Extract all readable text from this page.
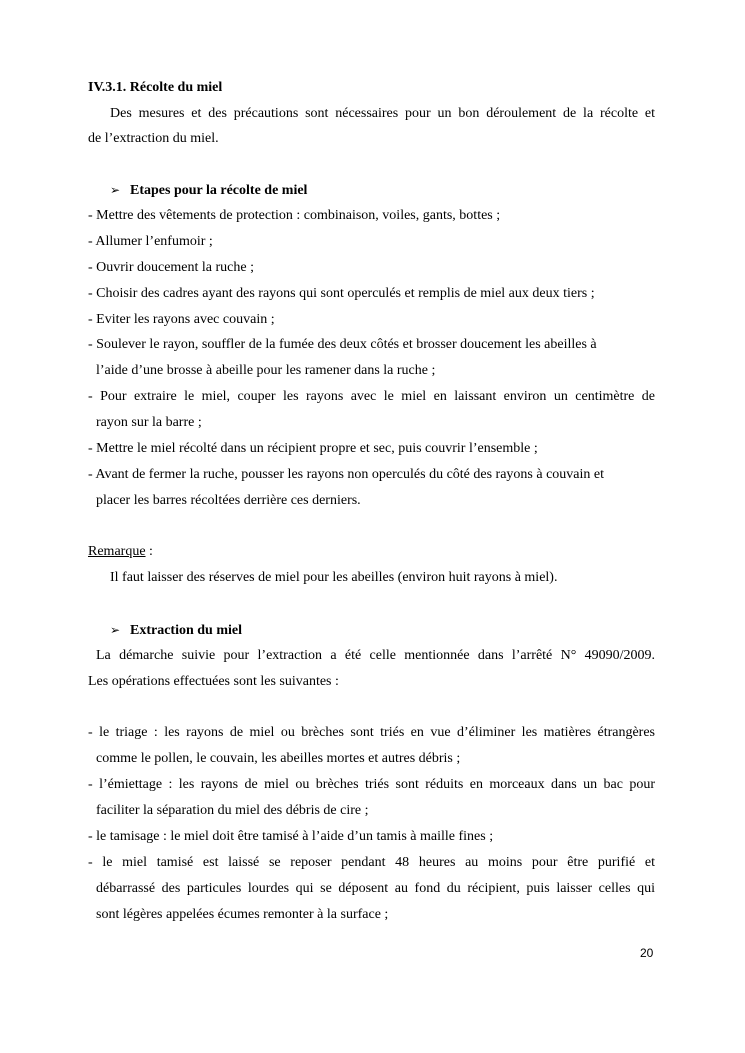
IV.3.1. Récolte du miel
Des mesures et des précautions sont nécessaires pour un bon déroulement de la récolte et
de l’extraction du miel.
➢ Etapes pour la récolte de miel
- Mettre des vêtements de protection : combinaison, voiles, gants, bottes ;
- Allumer l’enfumoir ;
- Ouvrir doucement la ruche ;
- Choisir des cadres ayant des rayons qui sont operculés et remplis de miel aux deux tiers ;
- Eviter les rayons avec couvain ;
- Soulever le rayon, souffler de la fumée des deux côtés et brosser doucement les abeilles à
l’aide d’une brosse à abeille pour les ramener dans la ruche ;
- Pour extraire le miel, couper les rayons avec le miel en laissant environ un centimètre de
rayon sur la barre ;
- Mettre le miel récolté dans un récipient propre et sec, puis couvrir l’ensemble ;
- Avant de fermer la ruche, pousser les rayons non operculés du côté des rayons à couvain et
placer les barres récoltées derrière ces derniers.
Remarque :
Il faut laisser des réserves de miel pour les abeilles (environ huit rayons à miel).
➢ Extraction du miel
La démarche suivie pour l’extraction a été celle mentionnée dans l’arrêté N° 49090/2009.
Les opérations effectuées sont les suivantes :
- le triage : les rayons de miel ou brèches sont triés en vue d’éliminer les matières étrangères
comme le pollen, le couvain, les abeilles mortes et autres débris ;
- l’émiettage : les rayons de miel ou brèches triés sont réduits en morceaux dans un bac pour
faciliter la séparation du miel des débris de cire ;
- le tamisage : le miel doit être tamisé à l’aide d’un tamis à maille fines ;
- le miel tamisé est laissé se reposer pendant 48 heures au moins pour être purifié et
débarrassé des particules lourdes qui se déposent au fond du récipient, puis laisser celles qui
sont légères appelées écumes remonter à la surface ;
20
